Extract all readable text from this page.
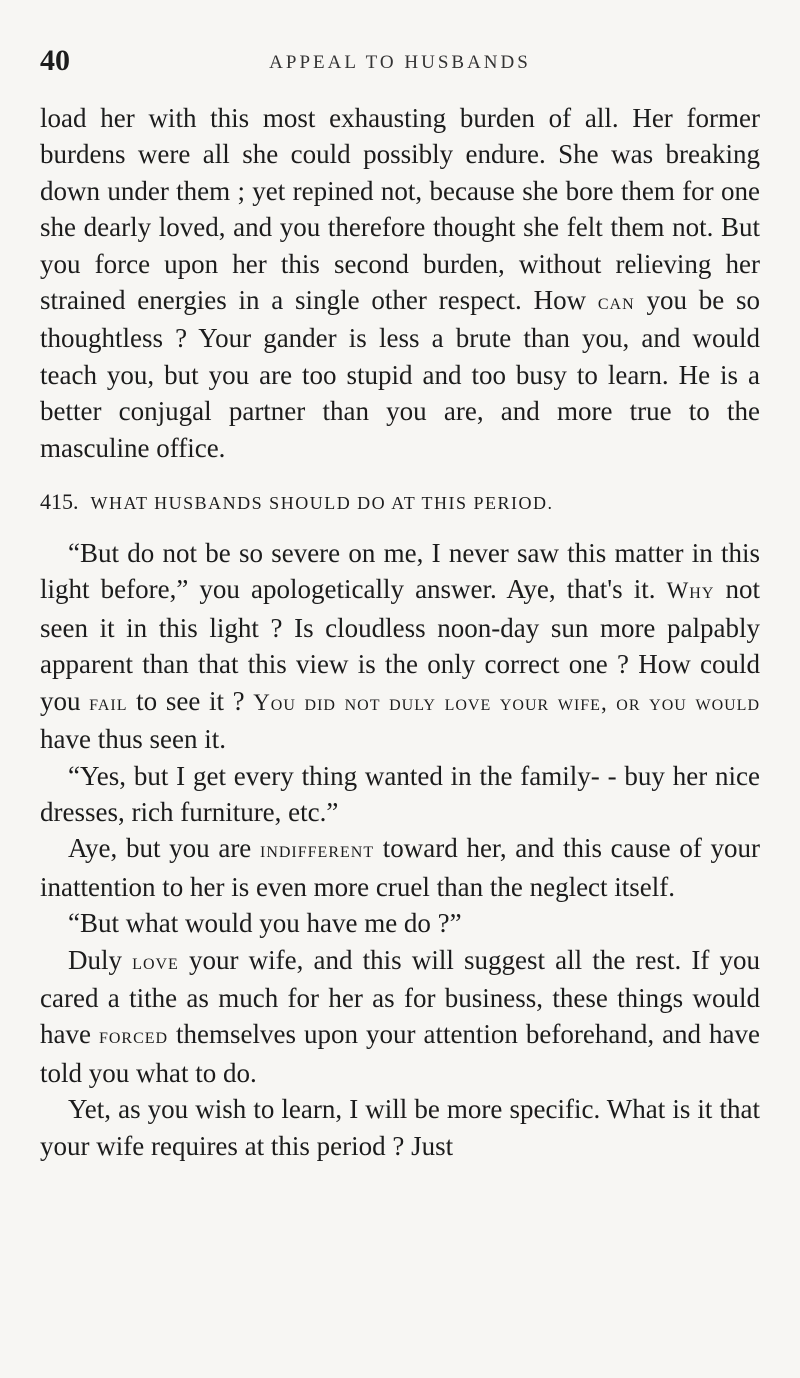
40	APPEAL TO HUSBANDS

load her with this most exhausting burden of all. Her former burdens were all she could possibly endure. She was breaking down under them ; yet repined not, because she bore them for one she dearly loved, and you therefore thought she felt them not. But you force upon her this second burden, without relieving her strained energies in a single other respect. How can you be so thoughtless ? Your gander is less a brute than you, and would teach you, but you are too stupid and too busy to learn. He is a better conjugal partner than you are, and more true to the masculine office.

415. WHAT HUSBANDS SHOULD DO AT THIS PERIOD.

“But do not be so severe on me, I never saw this matter in this light before,” you apologetically answer. Aye, that's it. Why not seen it in this light ? Is cloudless noon-day sun more palpably apparent than that this view is the only correct one ? How could you fail to see it ? You did not duly love your wife, or you would have thus seen it.

“Yes, but I get every thing wanted in the family- - buy her nice dresses, rich furniture, etc.”

Aye, but you are indifferent toward her, and this cause of your inattention to her is even more cruel than the neglect itself.

“But what would you have me do ?”

Duly love your wife, and this will suggest all the rest. If you cared a tithe as much for her as for business, these things would have forced themselves upon your attention beforehand, and have told you what to do.

Yet, as you wish to learn, I will be more specific. What is it that your wife requires at this period ? Just
